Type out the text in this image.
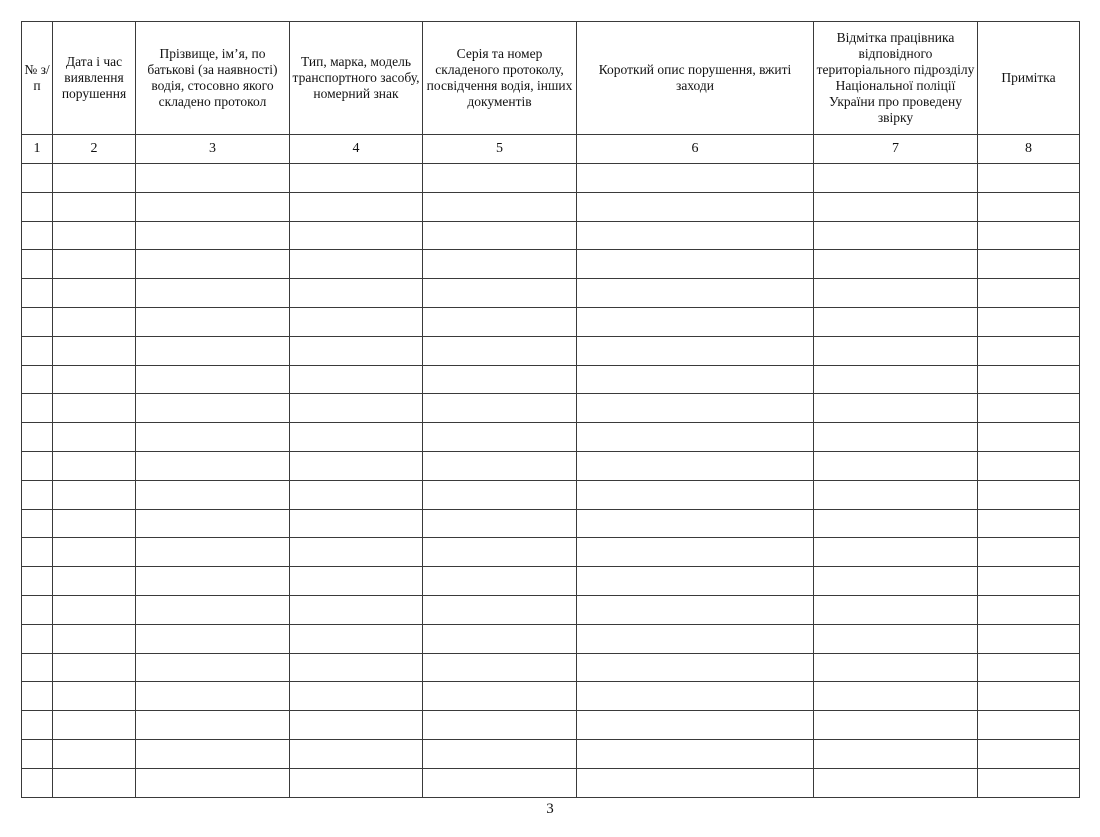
№ з/п	Дата і час виявлення порушення	Прізвище, ім’я, по батькові (за наявності) водія, стосовно якого складено протокол	Тип, марка, модель транспортного засобу, номерний знак	Серія та номер складеного протоколу, посвідчення водія, інших документів	Короткий опис порушення, вжиті заходи	Відмітка працівника відповідного територіального підрозділу Національної поліції України про проведену звірку	Примітка
1	2	3	4	5	6	7	8

3
